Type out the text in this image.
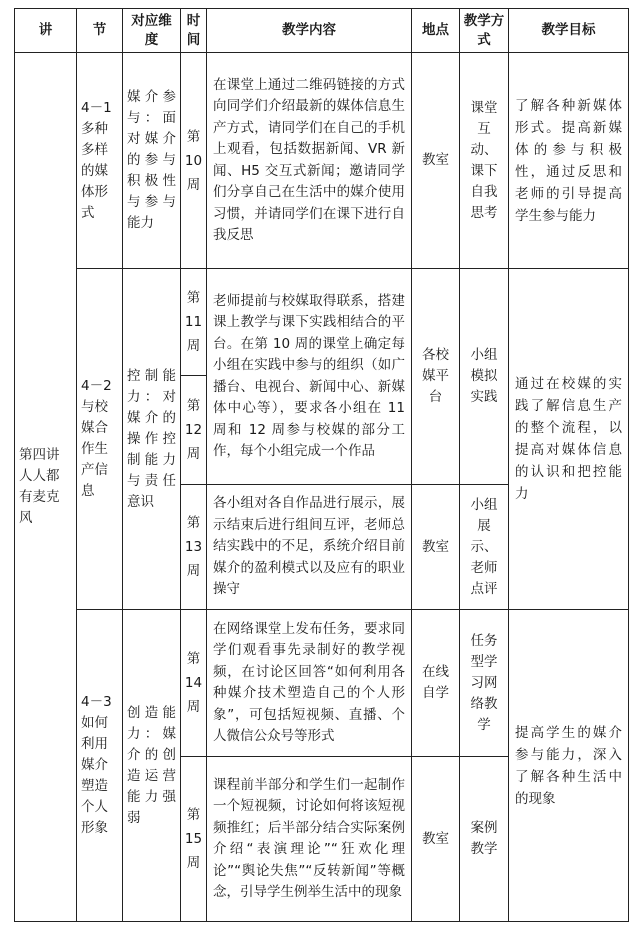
讲	节	对应维度	时间	教学内容	地点	教学方式	教学目标
第四讲人人都有麦克风	4－1多种多样的媒体形式	媒介参与：面对媒介的参与积极性与参与能力	第10周	在课堂上通过二维码链接的方式向同学们介绍最新的媒体信息生产方式，请同学们在自己的手机上观看，包括数据新闻、VR 新闻、H5 交互式新闻；邀请同学们分享自己在生活中的媒介使用习惯，并请同学们在课下进行自我反思	教室	课堂互动、课下自我思考	了解各种新媒体形式。提高新媒体的参与积极性，通过反思和老师的引导提高学生参与能力
	4－2与校媒合作生产信息	控制能力：对媒介的操作控制能力与责任意识	第11周	老师提前与校媒取得联系，搭建课上教学与课下实践相结合的平台。在第 10 周的课堂上确定每小组在实践中参与的组织（如广播台、电视台、新闻中心、新媒体中心等），要求各小组在 11 周和 12 周参与校媒的部分工作，每个小组完成一个作品	各校媒平台	小组模拟实践	通过在校媒的实践了解信息生产的整个流程，以提高对媒体信息的认识和把控能力
			第12周				
			第13周	各小组对各自作品进行展示，展示结束后进行组间互评，老师总结实践中的不足，系统介绍目前媒介的盈利模式以及应有的职业操守	教室	小组展示、老师点评	
	4－3如何利用媒介塑造个人形象	创造能力：媒介的创造运营能力强弱	第14周	在网络课堂上发布任务，要求同学们观看事先录制好的教学视频，在讨论区回答“如何利用各种媒介技术塑造自己的个人形象”，可包括短视频、直播、个人微信公众号等形式	在线自学	任务型学习网络教学	提高学生的媒介参与能力，深入了解各种生活中的现象
			第15周	课程前半部分和学生们一起制作一个短视频，讨论如何将该短视频推红；后半部分结合实际案例介绍“表演理论”“狂欢化理论”“舆论失焦”“反转新闻”等概念，引导学生例举生活中的现象	教室	案例教学	
